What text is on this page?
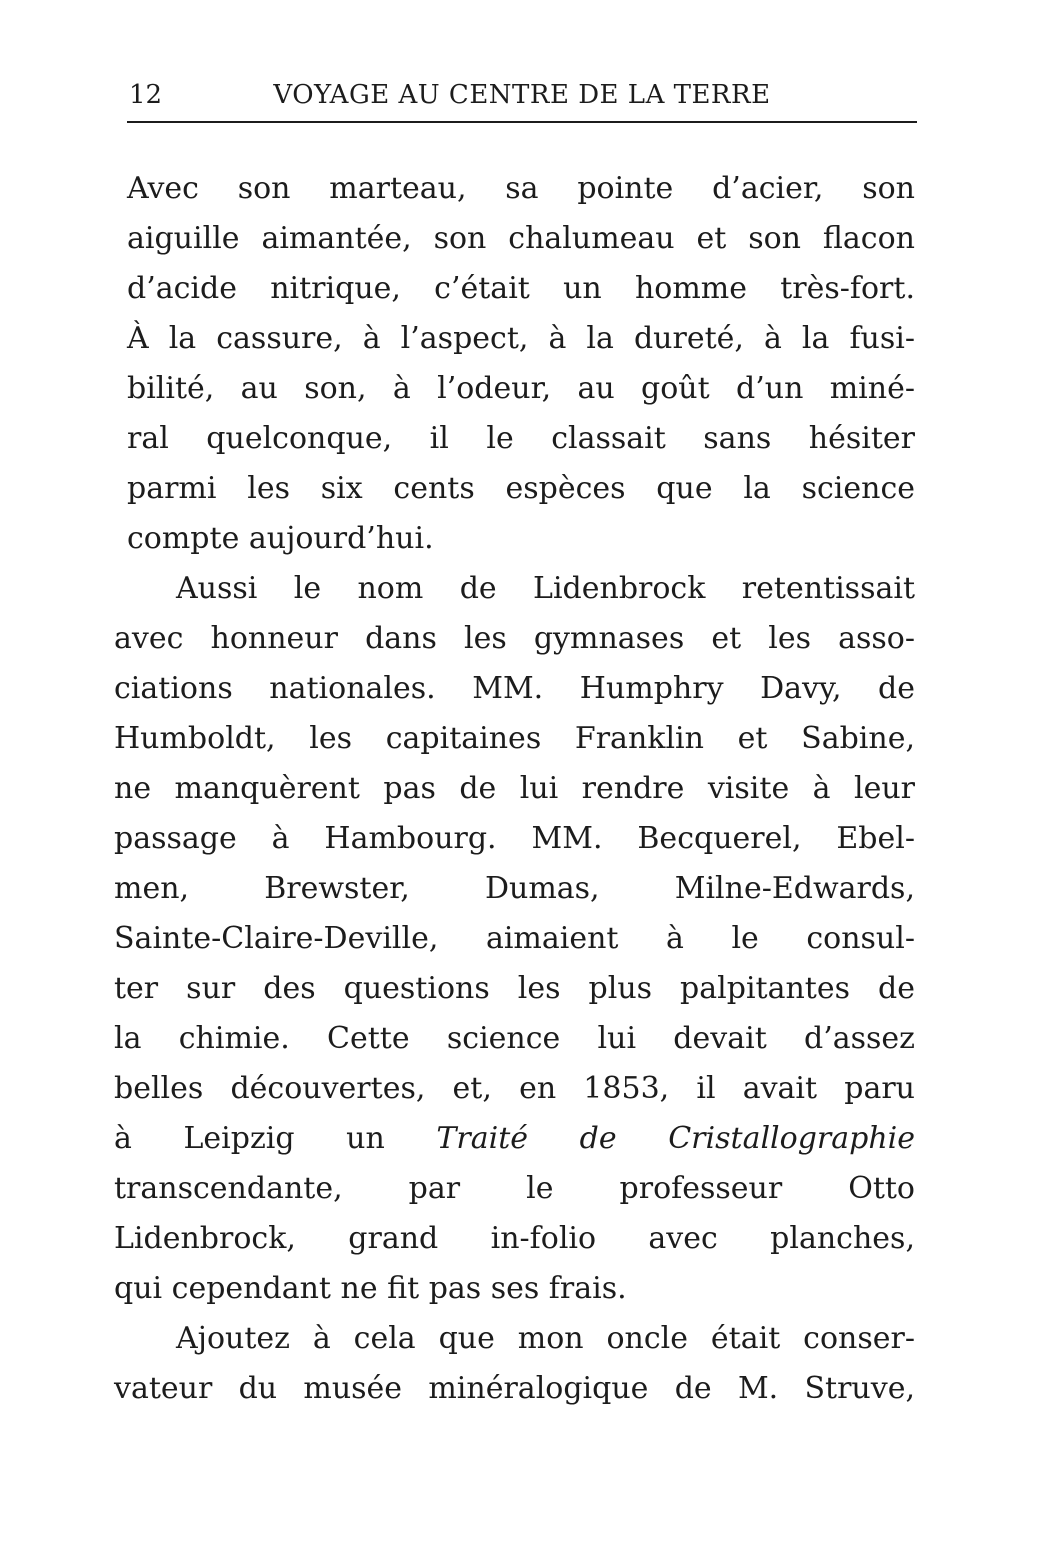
12	VOYAGE AU CENTRE DE LA TERRE
Avec son marteau, sa pointe d’acier, son
aiguille aimantée, son chalumeau et son flacon
d’acide nitrique, c’était un homme très-fort.
À la cassure, à l’aspect, à la dureté, à la fusi-
bilité, au son, à l’odeur, au goût d’un miné-
ral quelconque, il le classait sans hésiter
parmi les six cents espèces que la science
compte aujourd’hui.
Aussi le nom de Lidenbrock retentissait
avec honneur dans les gymnases et les asso-
ciations nationales. MM. Humphry Davy, de
Humboldt, les capitaines Franklin et Sabine,
ne manquèrent pas de lui rendre visite à leur
passage à Hambourg. MM. Becquerel, Ebel-
men, Brewster, Dumas, Milne-Edwards,
Sainte-Claire-Deville, aimaient à le consul-
ter sur des questions les plus palpitantes de
la chimie. Cette science lui devait d’assez
belles découvertes, et, en 1853, il avait paru
à Leipzig un Traité de Cristallographie
transcendante, par le professeur Otto
Lidenbrock, grand in-folio avec planches,
qui cependant ne fit pas ses frais.
Ajoutez à cela que mon oncle était conser-
vateur du musée minéralogique de M. Struve,
